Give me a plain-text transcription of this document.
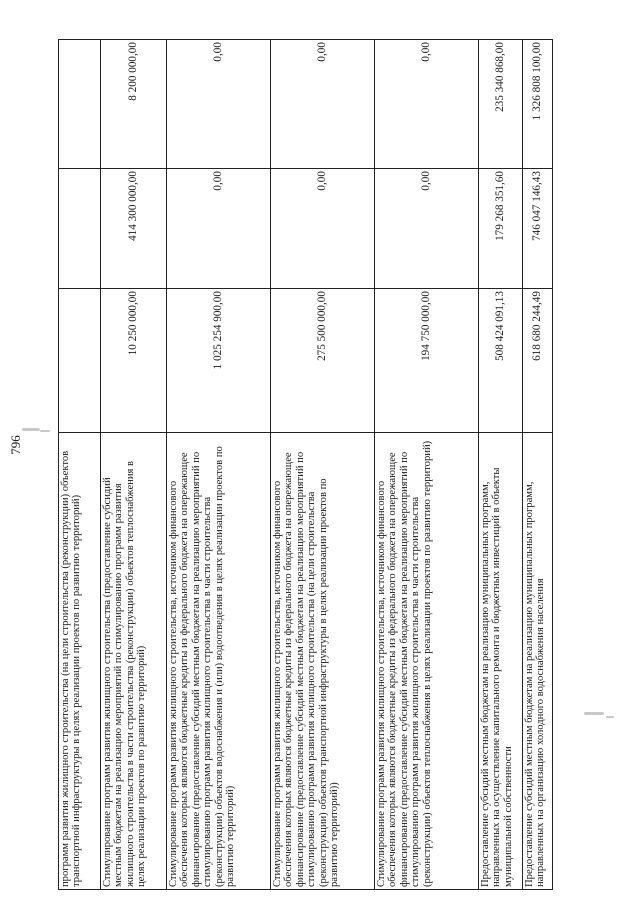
796
программ развития жилищного строительства (на цели строительства (реконструкции) объектов транспортной инфраструктуры в целях реализации проектов по развитию территорий)			
Стимулирование программ развития жилищного строительства (предоставление субсидий местным бюджетам на реализацию мероприятий по стимулированию программ развития жилищного строительства в части строительства (реконструкции) объектов теплоснабжения в целях реализации проектов по развитию территорий)	10 250 000,00	414 300 000,00	8 200 000,00
Стимулирование программ развития жилищного строительства, источником финансового обеспечения которых являются бюджетные кредиты из федерального бюджета на опережающее финансирование (предоставление субсидий местным бюджетам на реализацию мероприятий по стимулированию программ развития жилищного строительства в части строительства (реконструкции) объектов водоснабжения и (или) водоотведения в целях реализации проектов по развитию территорий)	1 025 254 900,00	0,00	0,00
Стимулирование программ развития жилищного строительства, источником финансового обеспечения которых являются бюджетные кредиты из федерального бюджета на опережающее финансирование (предоставление субсидий местным бюджетам на реализацию мероприятий по стимулированию программ развития жилищного строительства (на цели строительства (реконструкции) объектов транспортной инфраструктуры в целях реализации проектов по развитию территорий))	275 500 000,00	0,00	0,00
Стимулирование программ развития жилищного строительства, источником финансового обеспечения которых являются бюджетные кредиты из федерального бюджета на опережающее финансирование (предоставление субсидий местным бюджетам на реализацию мероприятий по стимулированию программ развития жилищного строительства в части строительства (реконструкции) объектов теплоснабжения в целях реализации проектов по развитию территорий)	194 750 000,00	0,00	0,00
Предоставление субсидий местным бюджетам на реализацию муниципальных программ, направленных на осуществление капитального ремонта и бюджетных инвестиций в объекты муниципальной собственности	508 424 091,13	179 268 351,60	235 340 868,00
Предоставление субсидий местным бюджетам на реализацию муниципальных программ, направленных на организацию холодного водоснабжения населения	618 680 244,49	746 047 146,43	1 326 808 100,00
